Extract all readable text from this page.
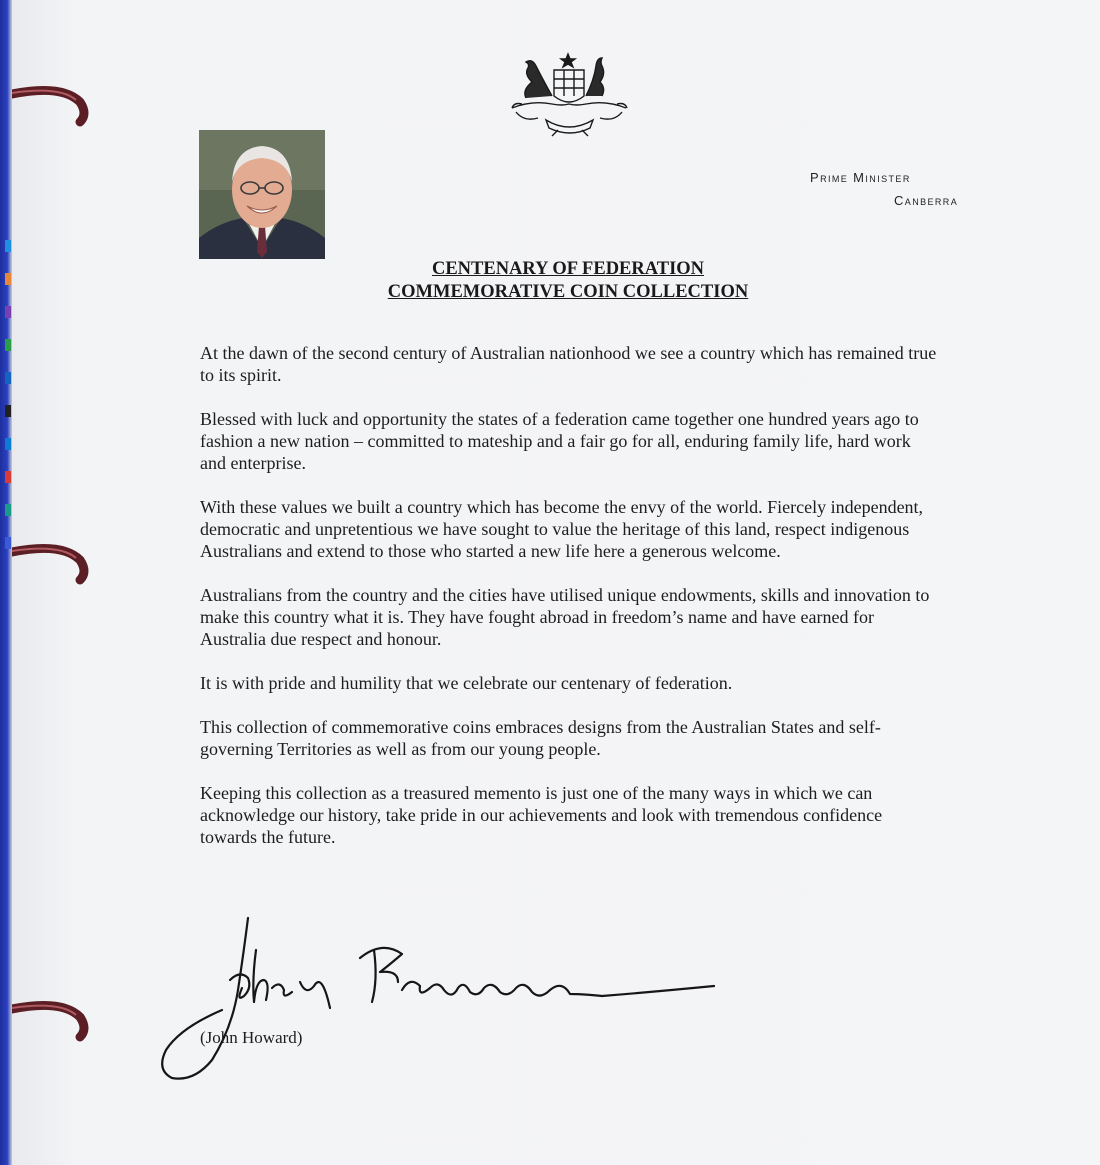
Prime Minister
Canberra
CENTENARY OF FEDERATION
COMMEMORATIVE COIN COLLECTION

At the dawn of the second century of Australian nationhood we see a country which has remained true to its spirit.

Blessed with luck and opportunity the states of a federation came together one hundred years ago to fashion a new nation – committed to mateship and a fair go for all, enduring family life, hard work and enterprise.

With these values we built a country which has become the envy of the world. Fiercely independent, democratic and unpretentious we have sought to value the heritage of this land, respect indigenous Australians and extend to those who started a new life here a generous welcome.

Australians from the country and the cities have utilised unique endowments, skills and innovation to make this country what it is. They have fought abroad in freedom’s name and have earned for Australia due respect and honour.

It is with pride and humility that we celebrate our centenary of federation.

This collection of commemorative coins embraces designs from the Australian States and self-governing Territories as well as from our young people.

Keeping this collection as a treasured memento is just one of the many ways in which we can acknowledge our history, take pride in our achievements and look with tremendous confidence towards the future.

(John Howard)
